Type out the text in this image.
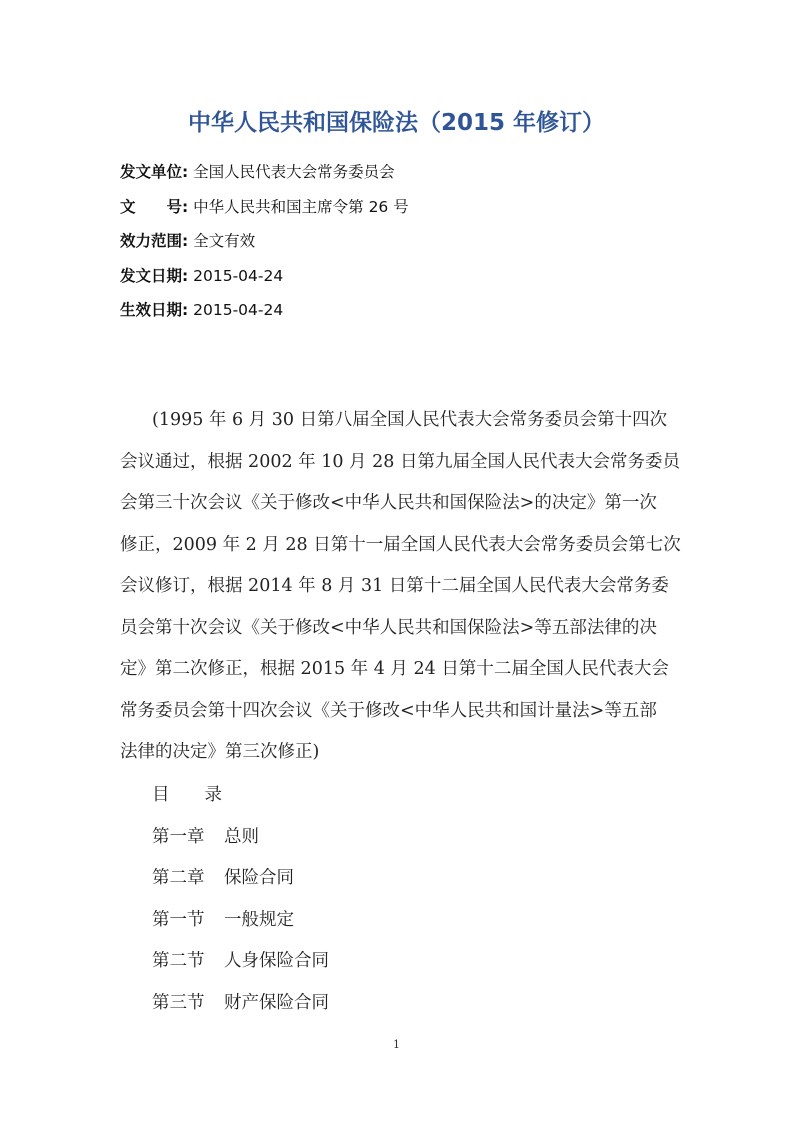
中华人民共和国保险法（2015 年修订）
发文单位: 全国人民代表大会常务委员会
文　　号: 中华人民共和国主席令第 26 号
效力范围: 全文有效
发文日期: 2015-04-24
生效日期: 2015-04-24
(1995 年 6 月 30 日第八届全国人民代表大会常务委员会第十四次
会议通过，根据 2002 年 10 月 28 日第九届全国人民代表大会常务委员
会第三十次会议《关于修改<中华人民共和国保险法>的决定》第一次
修正，2009 年 2 月 28 日第十一届全国人民代表大会常务委员会第七次
会议修订，根据 2014 年 8 月 31 日第十二届全国人民代表大会常务委
员会第十次会议《关于修改<中华人民共和国保险法>等五部法律的决
定》第二次修正，根据 2015 年 4 月 24 日第十二届全国人民代表大会
常务委员会第十四次会议《关于修改<中华人民共和国计量法>等五部
法律的决定》第三次修正)
目　　录
第一章 总则
第二章 保险合同
第一节 一般规定
第二节 人身保险合同
第三节 财产保险合同
1
